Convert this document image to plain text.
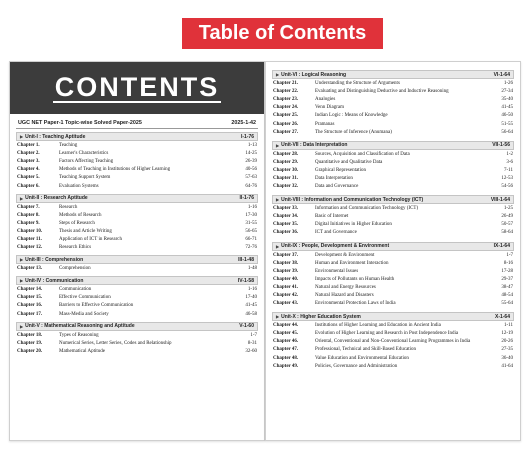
Table of Contents
CONTENTS
UGC NET Paper-1 Topic-wise Solved Paper-2025	2025-1-42
▶ Unit-I : Teaching Aptitude	I-1-76
Chapter 1.	Teaching	1-13
Chapter 2.	Learner's Characteristics	14-25
Chapter 3.	Factors Affecting Teaching	26-39
Chapter 4.	Methods of Teaching in Institutions of Higher Learning	40-56
Chapter 5.	Teaching Support System	57-63
Chapter 6.	Evaluation Systems	64-76
▶ Unit-II : Research Aptitude	II-1-76
Chapter 7.	Research	1-16
Chapter 8.	Methods of Research	17-30
Chapter 9.	Steps of Research	31-55
Chapter 10.	Thesis and Article Writing	56-65
Chapter 11.	Application of ICT in Research	66-71
Chapter 12.	Research Ethics	72-76
▶ Unit-III : Comprehension	III-1-48
Chapter 13.	Comprehension	1-48
▶ Unit-IV : Communication	IV-1-58
Chapter 14.	Communication	1-16
Chapter 15.	Effective Communication	17-40
Chapter 16.	Barriers to Effective Communication	41-45
Chapter 17.	Mass-Media and Society	46-58
▶ Unit-V : Mathematical Reasoning and Aptitude	V-1-60
Chapter 18.	Types of Reasoning	1-7
Chapter 19.	Numerical Series, Letter Series, Codes and Relationship	8-31
Chapter 20.	Mathematical Aptitude	32-60
▶ Unit-VI : Logical Reasoning	VI-1-64
Chapter 21.	Understanding the Structure of Arguments	1-26
Chapter 22.	Evaluating and Distinguishing Deductive and Inductive Reasoning	27-34
Chapter 23.	Analogies	35-40
Chapter 24.	Venn Diagram	41-45
Chapter 25.	Indian Logic : Means of Knowledge	46-50
Chapter 26.	Pramanas	51-55
Chapter 27.	The Structure of Inference (Anumana)	56-64
▶ Unit-VII : Data Interpretation	VII-1-56
Chapter 28.	Sources, Acquisition and Classification of Data	1-2
Chapter 29.	Quantitative and Qualitative Data	3-6
Chapter 30.	Graphical Representation	7-11
Chapter 31.	Data Interpretation	12-53
Chapter 32.	Data and Governance	54-56
▶ Unit-VIII : Information and Communication Technology (ICT)	VIII-1-64
Chapter 33.	Information and Communication Technology (ICT)	1-25
Chapter 34.	Basic of Internet	26-49
Chapter 35.	Digital Initiatives in Higher Education	50-57
Chapter 36.	ICT and Governance	58-64
▶ Unit-IX : People, Development & Environment	IX-1-64
Chapter 37.	Development & Environment	1-7
Chapter 38.	Human and Environment Interaction	8-16
Chapter 39.	Environmental Issues	17-28
Chapter 40.	Impacts of Pollutants on Human Health	29-37
Chapter 41.	Natural and Energy Resources	38-47
Chapter 42.	Natural Hazard and Disasters	48-54
Chapter 43.	Environmental Protection Laws of India	55-64
▶ Unit-X : Higher Education System	X-1-64
Chapter 44.	Institutions of Higher Learning and Education in Ancient India	1-11
Chapter 45.	Evolution of Higher Learning and Research in Post Independence India	12-19
Chapter 46.	Oriental, Conventional and Non-Conventional Learning Programmes in India	20-26
Chapter 47.	Professional, Technical and Skill-Based Education	27-35
Chapter 48.	Value Education and Environmental Education	36-40
Chapter 49.	Policies, Governance and Administration	41-64
